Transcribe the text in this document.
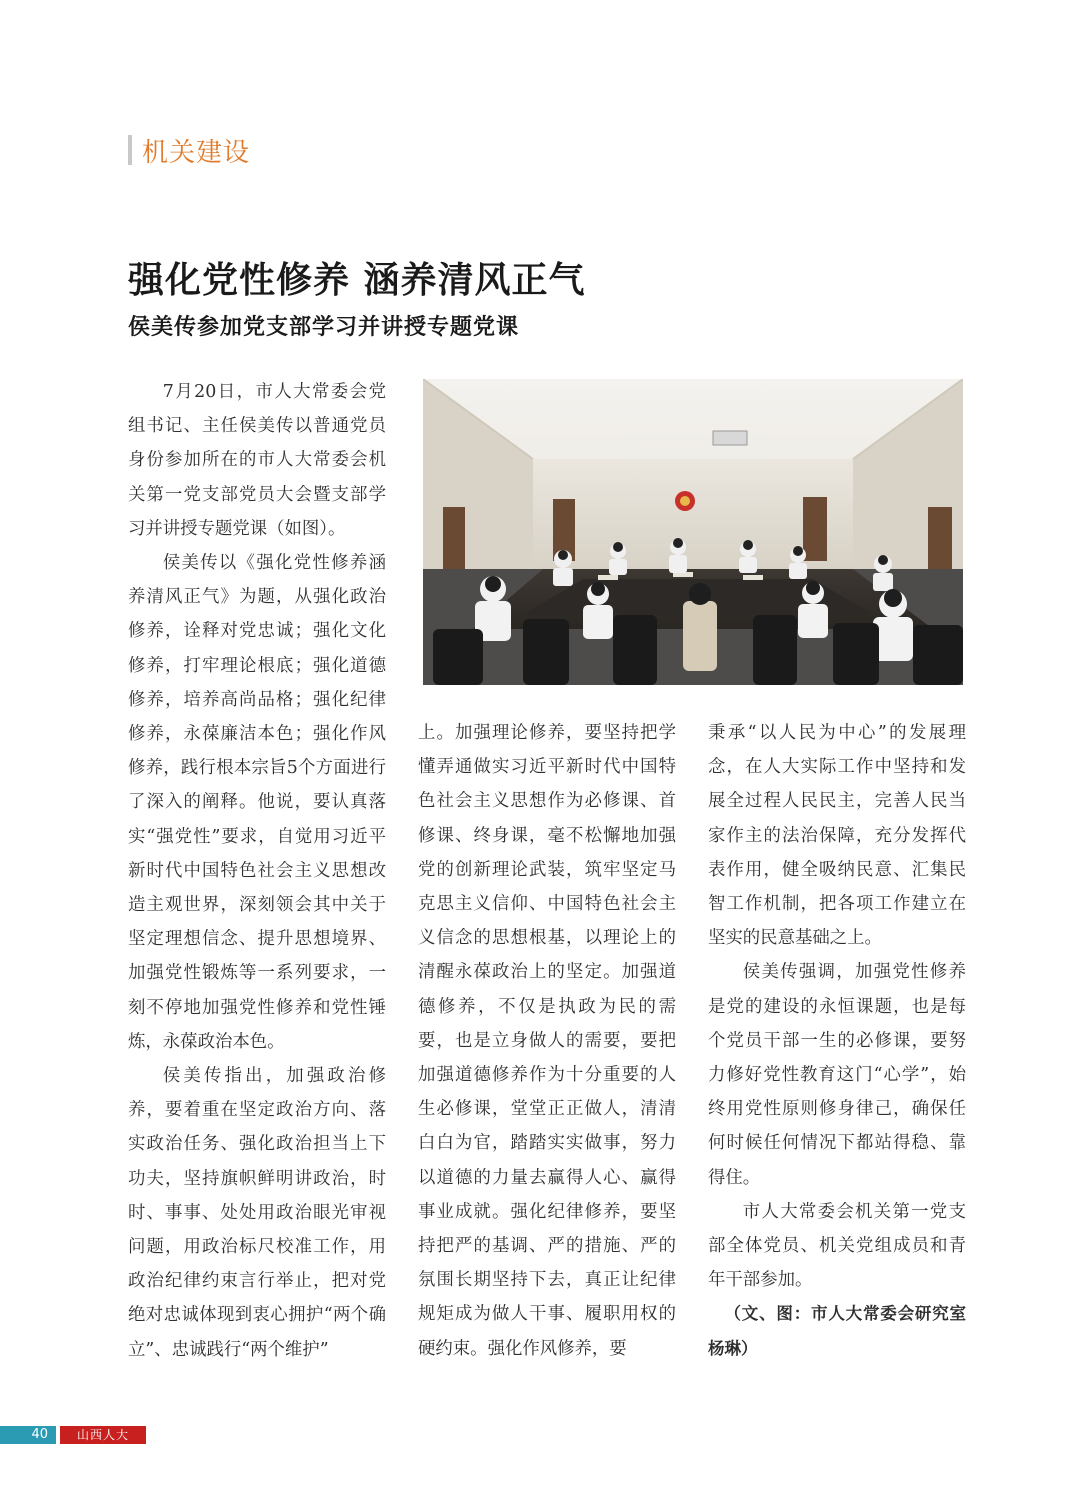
机关建设
强化党性修养 涵养清风正气
侯美传参加党支部学习并讲授专题党课

7月20日，市人大常委会党组书记、主任侯美传以普通党员身份参加所在的市人大常委会机关第一党支部党员大会暨支部学习并讲授专题党课（如图）。

侯美传以《强化党性修养涵养清风正气》为题，从强化政治修养，诠释对党忠诚；强化文化修养，打牢理论根底；强化道德修养，培养高尚品格；强化纪律修养，永葆廉洁本色；强化作风修养，践行根本宗旨5个方面进行了深入的阐释。他说，要认真落实“强党性”要求，自觉用习近平新时代中国特色社会主义思想改造主观世界，深刻领会其中关于坚定理想信念、提升思想境界、加强党性锻炼等一系列要求，一刻不停地加强党性修养和党性锤炼，永葆政治本色。

侯美传指出，加强政治修养，要着重在坚定政治方向、落实政治任务、强化政治担当上下功夫，坚持旗帜鲜明讲政治，时时、事事、处处用政治眼光审视问题，用政治标尺校准工作，用政治纪律约束言行举止，把对党绝对忠诚体现到衷心拥护“两个确立”、忠诚践行“两个维护”

上。加强理论修养，要坚持把学懂弄通做实习近平新时代中国特色社会主义思想作为必修课、首修课、终身课，毫不松懈地加强党的创新理论武装，筑牢坚定马克思主义信仰、中国特色社会主义信念的思想根基，以理论上的清醒永葆政治上的坚定。加强道德修养，不仅是执政为民的需要，也是立身做人的需要，要把加强道德修养作为十分重要的人生必修课，堂堂正正做人，清清白白为官，踏踏实实做事，努力以道德的力量去赢得人心、赢得事业成就。强化纪律修养，要坚持把严的基调、严的措施、严的氛围长期坚持下去，真正让纪律规矩成为做人干事、履职用权的硬约束。强化作风修养，要

秉承“以人民为中心”的发展理念，在人大实际工作中坚持和发展全过程人民民主，完善人民当家作主的法治保障，充分发挥代表作用，健全吸纳民意、汇集民智工作机制，把各项工作建立在坚实的民意基础之上。

侯美传强调，加强党性修养是党的建设的永恒课题，也是每个党员干部一生的必修课，要努力修好党性教育这门“心学”，始终用党性原则修身律己，确保任何时候任何情况下都站得稳、靠得住。

市人大常委会机关第一党支部全体党员、机关党组成员和青年干部参加。

（文、图：市人大常委会研究室 杨琳）

40	山西人大
